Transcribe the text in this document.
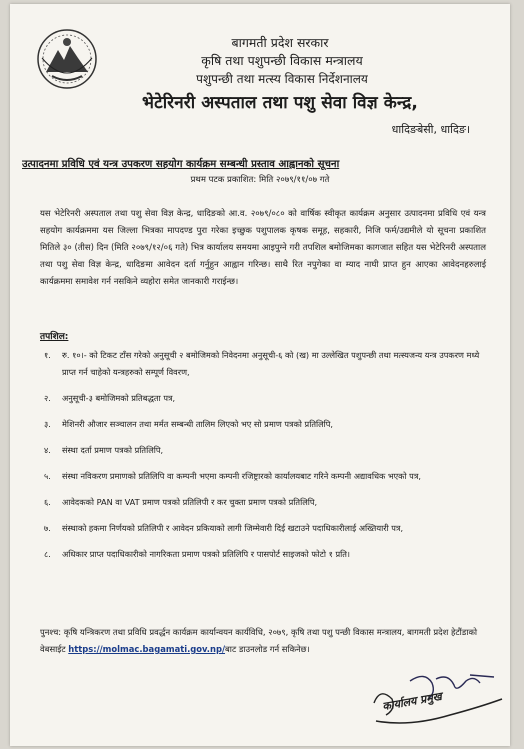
बागमती प्रदेश सरकार
कृषि तथा पशुपन्छी विकास मन्त्रालय
पशुपन्छी तथा मत्स्य विकास निर्देशनालय
भेटेरिनरी अस्पताल तथा पशु सेवा विज्ञ केन्द्र,
धादिङबेसी, धादिङ।
उत्पादनमा प्रविधि एवं यन्त्र उपकरण सहयोग कार्यक्रम सम्बन्धी प्रस्ताव आह्वानको सूचना
प्रथम पटक प्रकाशित: मिति २०७९/११/०७ गते
यस भेटेरिनरी अस्पताल तथा पशु सेवा विज्ञ केन्द्र, धादिङको आ.व. २०७९/०८० को वार्षिक स्वीकृत कार्यक्रम अनुसार उत्पादनमा प्रविधि एवं यन्त्र सहयोग कार्यक्रममा यस जिल्ला भित्रका मापदण्ड पुरा गरेका इच्छुक पशुपालक कृषक समूह, सहकारी, निजि फर्म/उद्यमीले यो सूचना प्रकाशित मितिले ३० (तीस) दिन (मिति २०७९/१२/०६ गते) भित्र कार्यालय समयमा आइपुग्ने गरी तपशिल बमोजिमका कागजात सहित यस भेटेरिनरी अस्पताल तथा पशु सेवा विज्ञ केन्द्र, धादिङमा आवेदन दर्ता गर्नुहुन आह्वान गरिन्छ। साथै रित नपुगेका वा म्याद नाघी प्राप्त हुन आएका आवेदनहरुलाई कार्यक्रममा समावेश गर्न नसकिने व्यहोरा समेत जानकारी गराईन्छ।
तपशिल:
१.	रु. १०।- को टिकट टाँस गरेको अनुसूची २ बमोजिमको निवेदनमा अनुसूची-६ को (ख) मा उल्लेखित पशुपन्छी तथा मत्स्यजन्य यन्त्र उपकरण मध्ये प्राप्त गर्न चाहेको यन्त्रहरुको सम्पूर्ण विवरण,
२.	अनुसूची-३ बमोजिमको प्रतिबद्धता पत्र,
३.	मेशिनरी औजार सञ्चालन तथा मर्मत सम्बन्धी तालिम लिएको भए सो प्रमाण पत्रको प्रतिलिपि,
४.	संस्था दर्ता प्रमाण पत्रको प्रतिलिपि,
५.	संस्था नविकरण प्रमाणको प्रतिलिपि वा कम्पनी भएमा कम्पनी रजिष्ट्रारको कार्यालयबाट गरिने कम्पनी अद्यावधिक भएको पत्र,
६.	आवेदकको PAN वा VAT प्रमाण पत्रको प्रतिलिपी र कर चुक्ता प्रमाण पत्रको प्रतिलिपि,
७.	संस्थाको हकमा निर्णयको प्रतिलिपी र आवेदन प्रकियाको लागी जिम्मेवारी दिई खटाउने पदाधिकारीलाई अख्तियारी पत्र,
८.	अधिकार प्राप्त पदाधिकारीको नागरिकता प्रमाण पत्रको प्रतिलिपि र पासपोर्ट साइजको फोटो १ प्रति।
पुनश्च: कृषि यन्त्रिकरण तथा प्रविधि प्रवर्द्धन कार्यक्रम कार्यान्वयन कार्यविधि, २०७९, कृषि तथा पशु पन्छी विकास मन्त्रालय, बागमती प्रदेश हेटौंडाको वेबसाईट https://molmac.bagamati.gov.np/बाट डाउनलोड गर्न सकिनेछ।
कार्यालय प्रमुख
